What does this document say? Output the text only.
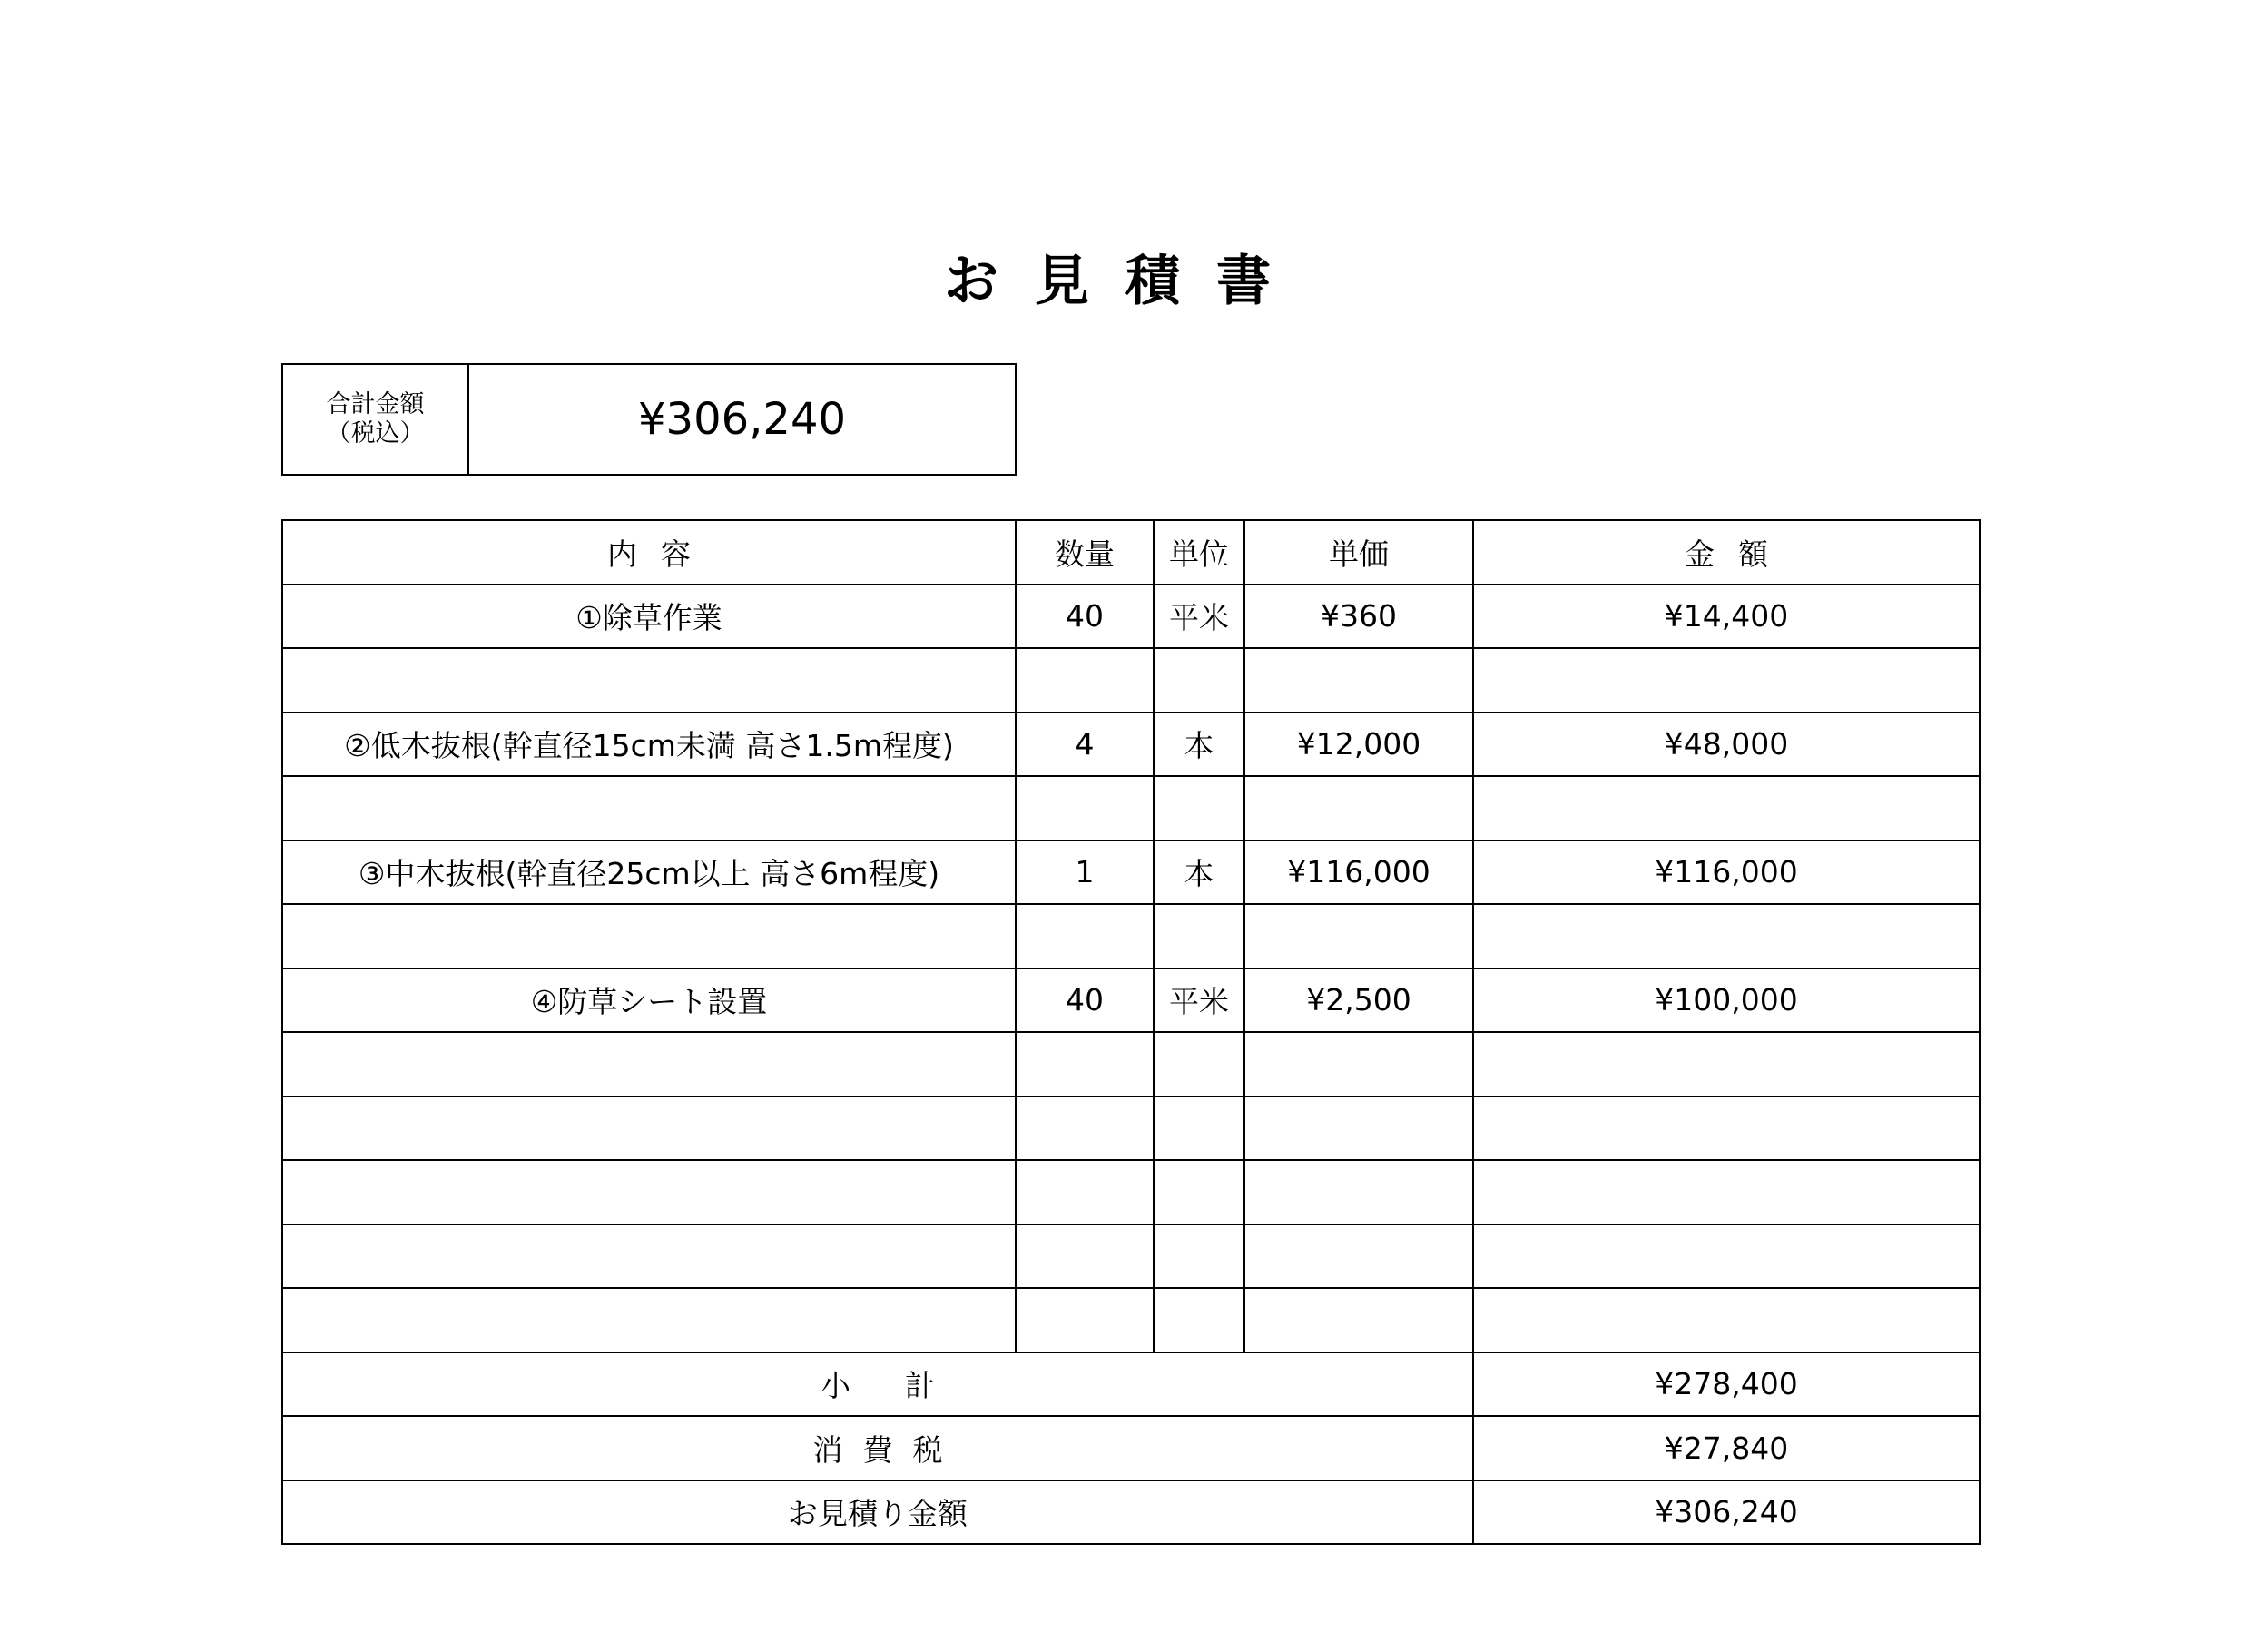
お見積書
合計金額
（税込）	¥306,240
内容	数量	単位	単価	金額
①除草作業	40	平米	¥360	¥14,400

②低木抜根(幹直径15cm未満 高さ1.5m程度)	4	本	¥12,000	¥48,000

③中木抜根(幹直径25cm以上 高さ6m程度)	1	本	¥116,000	¥116,000

④防草シート設置	40	平米	¥2,500	¥100,000

小計				¥278,400
消費税				¥27,840
お見積り金額				¥306,240
